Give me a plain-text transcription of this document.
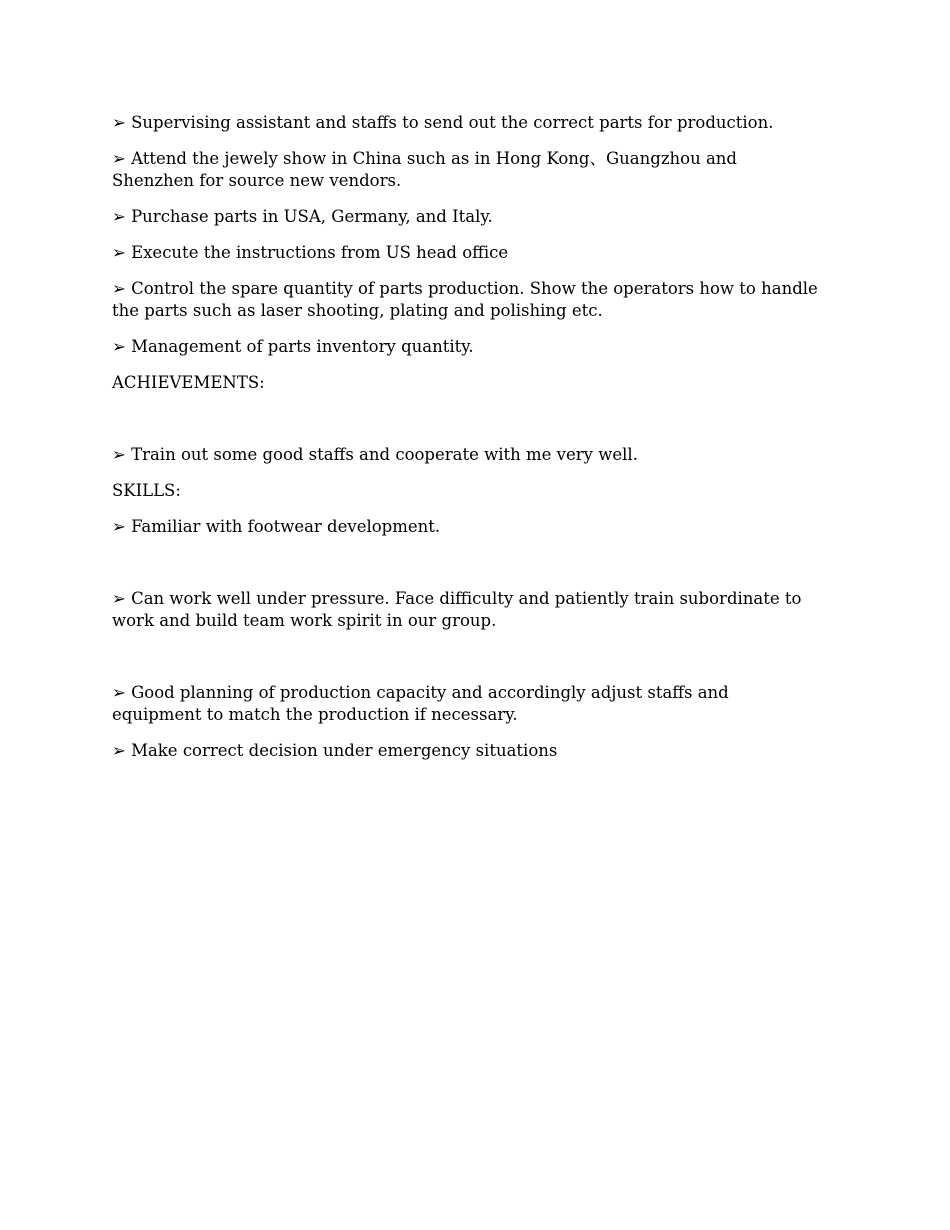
➢ Supervising assistant and staffs to send out the correct parts for production.

➢ Attend the jewely show in China such as in Hong Kong、Guangzhou and Shenzhen for source new vendors.

➢ Purchase parts in USA, Germany, and Italy.

➢ Execute the instructions from US head office

➢ Control the spare quantity of parts production. Show the operators how to handle the parts such as laser shooting, plating and polishing etc.

➢ Management of parts inventory quantity.

ACHIEVEMENTS:

➢ Train out some good staffs and cooperate with me very well.

SKILLS:

➢ Familiar with footwear development.

➢ Can work well under pressure. Face difficulty and patiently train subordinate to work and build team work spirit in our group.

➢ Good planning of production capacity and accordingly adjust staffs and equipment to match the production if necessary.

➢ Make correct decision under emergency situations
